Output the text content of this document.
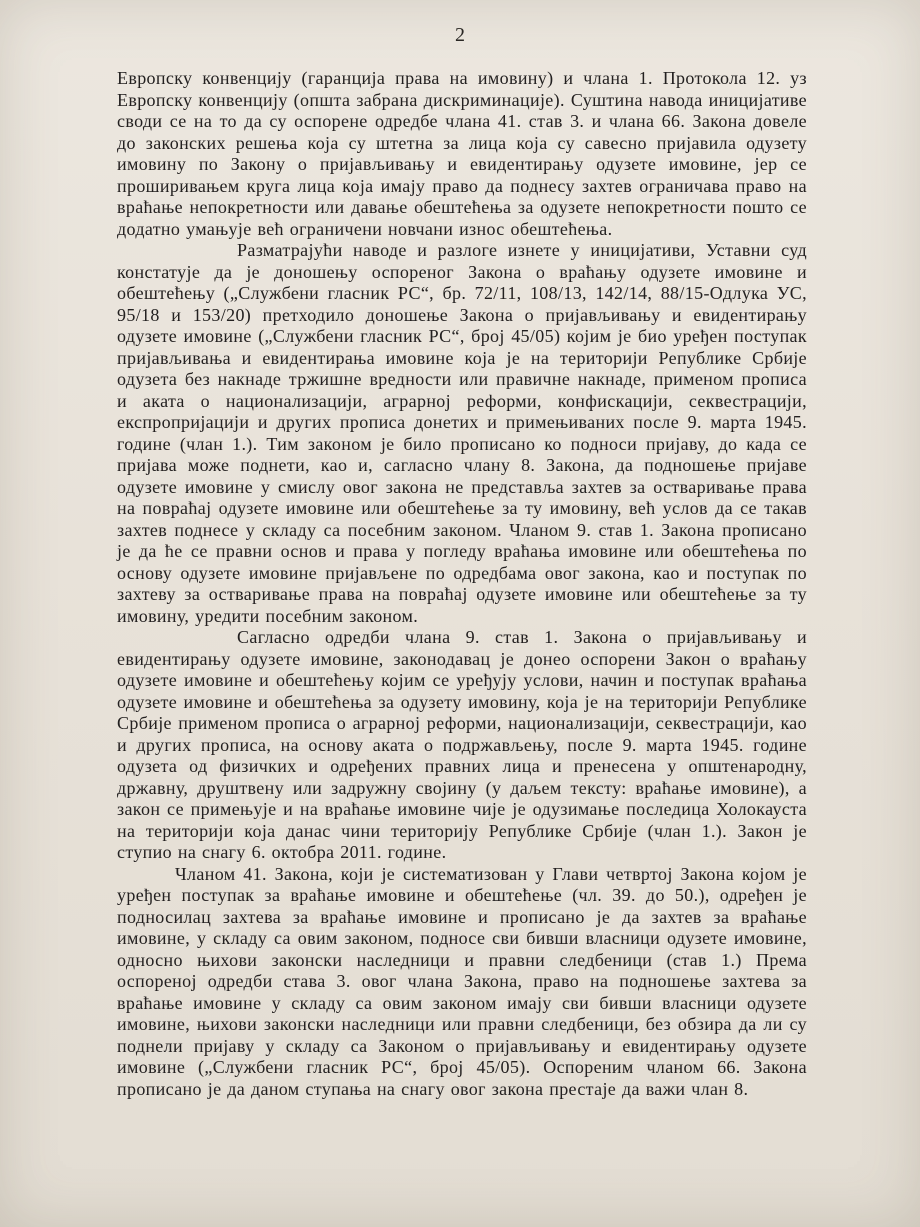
2

Европску конвенцију (гаранција права на имовину) и члана 1. Протокола 12. уз Европску конвенцију (општа забрана дискриминације). Суштина навода иницијативе своди се на то да су оспорене одредбе члана 41. став 3. и члана 66. Закона довеле до законских решења која су штетна за лица која су савесно пријавила одузету имовину по Закону о пријављивању и евидентирању одузете имовине, јер се проширивањем круга лица која имају право да поднесу захтев ограничава право на враћање непокретности или давање обештећења за одузете непокретности пошто се додатно умањује већ ограничени новчани износ обештећења.

Разматрајући наводе и разлоге изнете у иницијативи, Уставни суд констатује да је доношењу оспореног Закона о враћању одузете имовине и обештећењу („Службени гласник РС“, бр. 72/11, 108/13, 142/14, 88/15-Одлука УС, 95/18 и 153/20) претходило доношење Закона о пријављивању и евидентирању одузете имовине („Службени гласник РС“, број 45/05) којим је био уређен поступак пријављивања и евидентирања имовине која је на територији Републике Србије одузета без накнаде тржишне вредности или правичне накнаде, применом прописа и аката о национализацији, аграрној реформи, конфискацији, секвестрацији, експропријацији и других прописа донетих и примењиваних после 9. марта 1945. године (члан 1.). Тим законом је било прописано ко подноси пријаву, до када се пријава може поднети, као и, сагласно члану 8. Закона, да подношење пријаве одузете имовине у смислу овог закона не представља захтев за остваривање права на повраћај одузете имовине или обештећење за ту имовину, већ услов да се такав захтев поднесе у складу са посебним законом. Чланом 9. став 1. Закона прописано је да ће се правни основ и права у погледу враћања имовине или обештећења по основу одузете имовине пријављене по одредбама овог закона, као и поступак по захтеву за остваривање права на повраћај одузете имовине или обештећење за ту имовину, уредити посебним законом.

Сагласно одредби члана 9. став 1. Закона о пријављивању и евидентирању одузете имовине, законодавац је донео оспорени Закон о враћању одузете имовине и обештећењу којим се уређују услови, начин и поступак враћања одузете имовине и обештећења за одузету имовину, која је на територији Републике Србије применом прописа о аграрној реформи, национализацији, секвестрацији, као и других прописа, на основу аката о подржављењу, после 9. марта 1945. године одузета од физичких и одређених правних лица и пренесена у општенародну, државну, друштвену или задружну својину (у даљем тексту: враћање имовине), а закон се примењује и на враћање имовине чије је одузимање последица Холокауста на територији која данас чини територију Републике Србије (члан 1.). Закон је ступио на снагу 6. октобра 2011. године.

Чланом 41. Закона, који је систематизован у Глави четвртој Закона којом је уређен поступак за враћање имовине и обештећење (чл. 39. до 50.), одређен је подносилац захтева за враћање имовине и прописано је да захтев за враћање имовине, у складу са овим законом, подносе сви бивши власници одузете имовине, односно њихови законски наследници и правни следбеници (став 1.) Према оспореној одредби става 3. овог члана Закона, право на подношење захтева за враћање имовине у складу са овим законом имају сви бивши власници одузете имовине, њихови законски наследници или правни следбеници, без обзира да ли су поднели пријаву у складу са Законом о пријављивању и евидентирању одузете имовине („Службени гласник РС“, број 45/05). Оспореним чланом 66. Закона прописано је да даном ступања на снагу овог закона престаје да важи члан 8.
